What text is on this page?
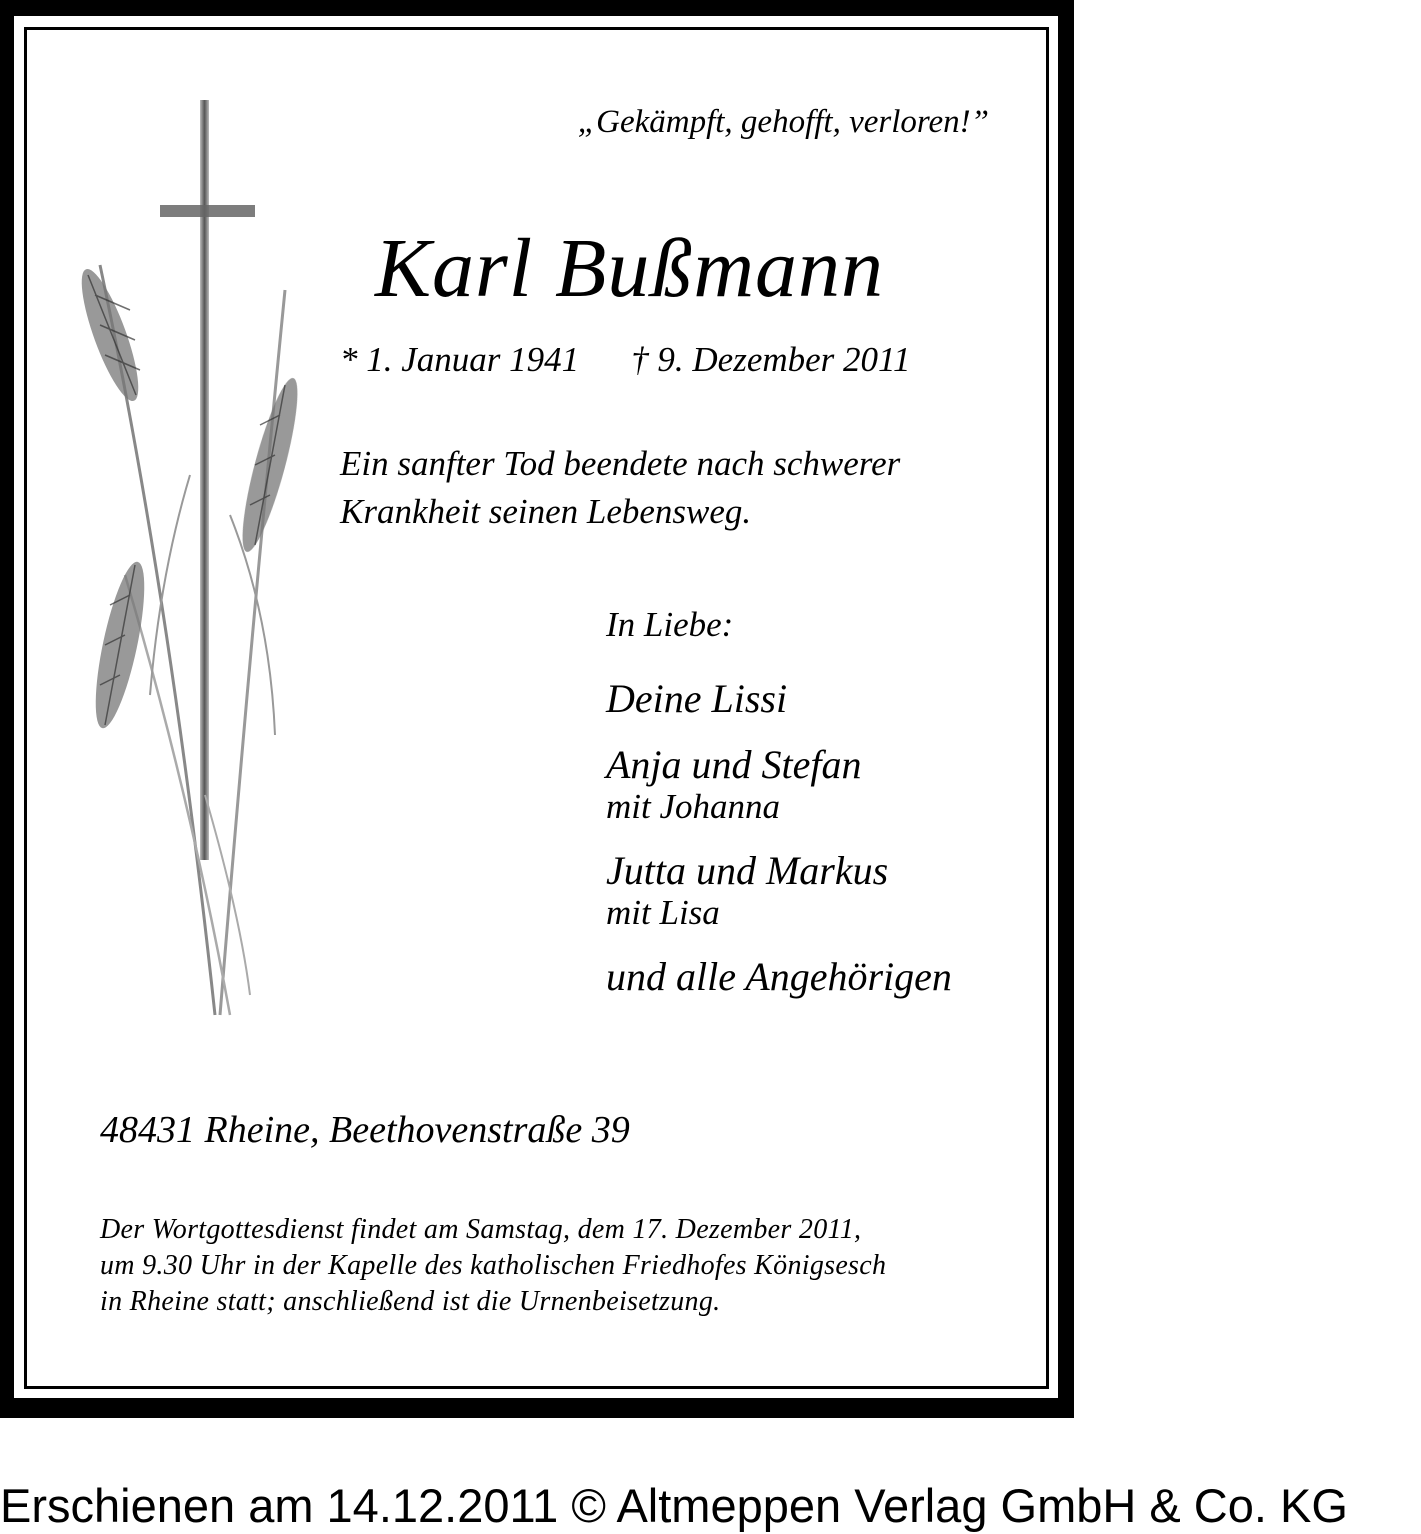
„Gekämpft, gehofft, verloren!”
Karl Bußmann
* 1. Januar 1941 † 9. Dezember 2011
Ein sanfter Tod beendete nach schwerer
Krankheit seinen Lebensweg.
In Liebe:
Deine Lissi
Anja und Stefan
mit Johanna
Jutta und Markus
mit Lisa
und alle Angehörigen
48431 Rheine, Beethovenstraße 39
Der Wortgottesdienst findet am Samstag, dem 17. Dezember 2011,
um 9.30 Uhr in der Kapelle des katholischen Friedhofes Königsesch
in Rheine statt; anschließend ist die Urnenbeisetzung.
Erschienen am 14.12.2011 © Altmeppen Verlag GmbH & Co. KG
